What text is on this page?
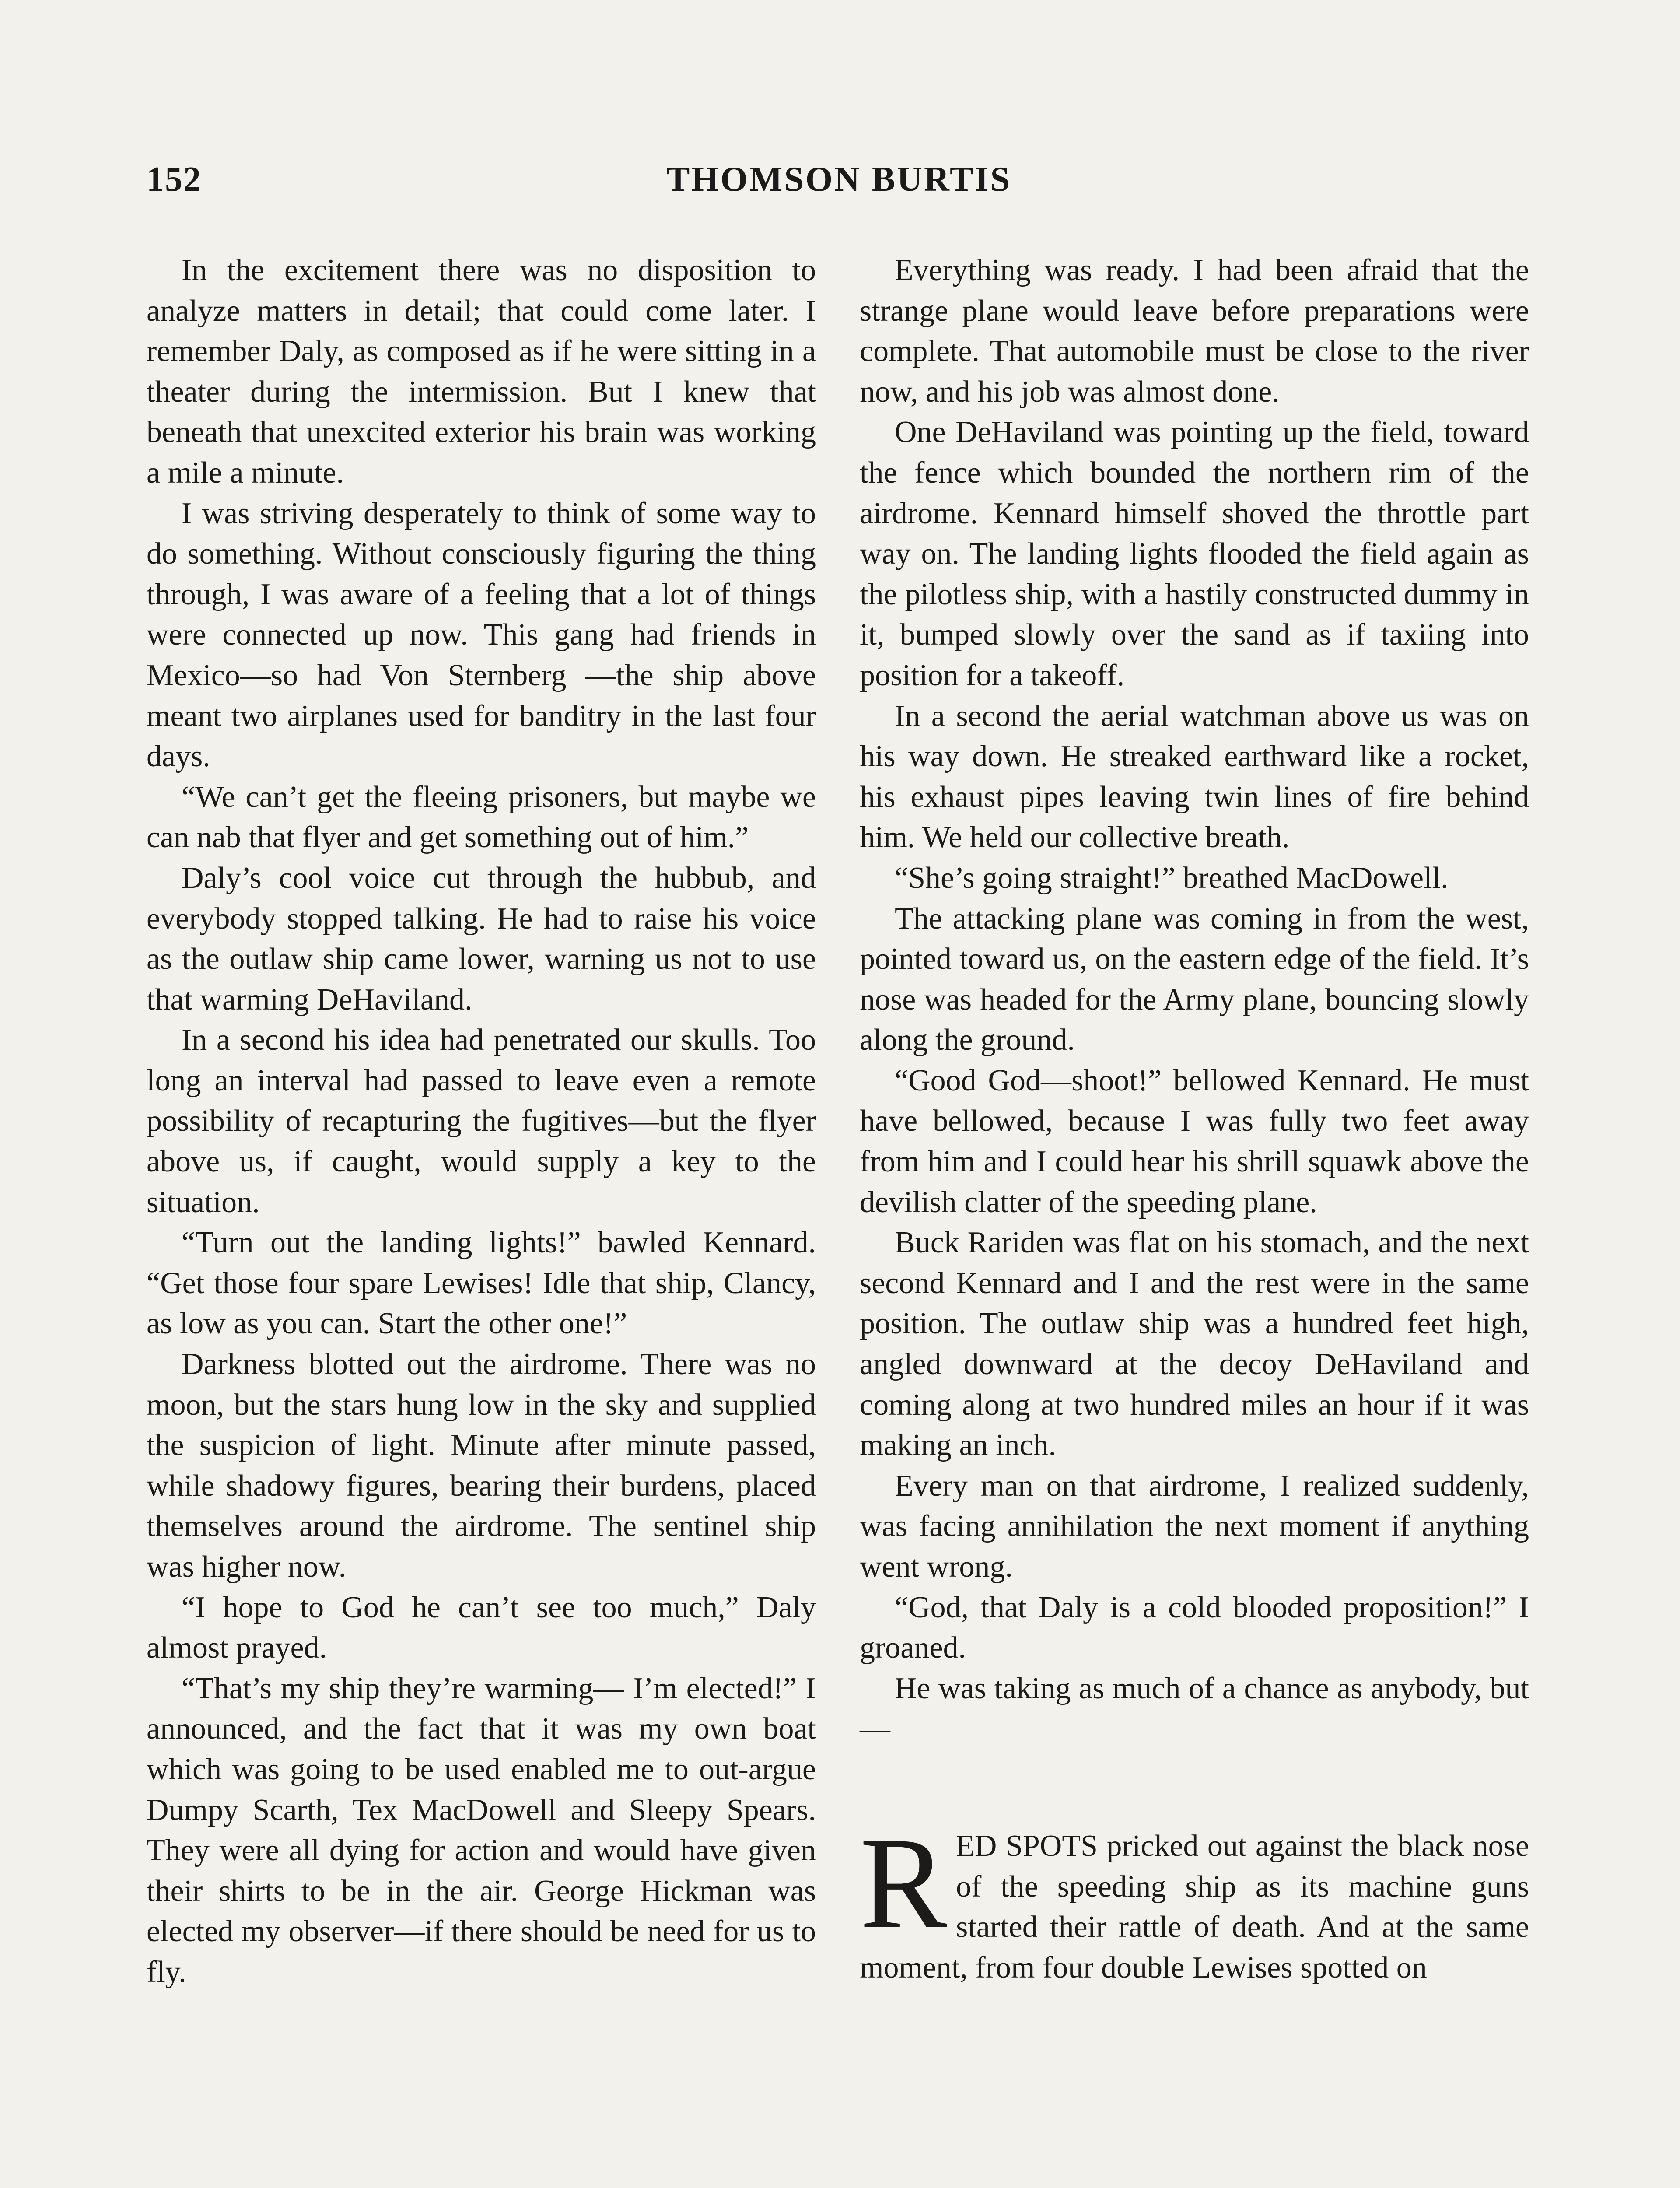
152	THOMSON BURTIS

In the excitement there was no disposition to analyze matters in detail; that could come later. I remember Daly, as composed as if he were sitting in a theater during the intermission. But I knew that beneath that unexcited exterior his brain was working a mile a minute.

I was striving desperately to think of some way to do something. Without consciously figuring the thing through, I was aware of a feeling that a lot of things were connected up now. This gang had friends in Mexico—so had Von Sternberg —the ship above meant two airplanes used for banditry in the last four days.

“We can’t get the fleeing prisoners, but maybe we can nab that flyer and get something out of him.”

Daly’s cool voice cut through the hubbub, and everybody stopped talking. He had to raise his voice as the outlaw ship came lower, warning us not to use that warming DeHaviland.

In a second his idea had penetrated our skulls. Too long an interval had passed to leave even a remote possibility of recapturing the fugitives—but the flyer above us, if caught, would supply a key to the situation.

“Turn out the landing lights!” bawled Kennard. “Get those four spare Lewises! Idle that ship, Clancy, as low as you can. Start the other one!”

Darkness blotted out the airdrome. There was no moon, but the stars hung low in the sky and supplied the suspicion of light. Minute after minute passed, while shadowy figures, bearing their burdens, placed themselves around the airdrome. The sentinel ship was higher now.

“I hope to God he can’t see too much,” Daly almost prayed.

“That’s my ship they’re warming— I’m elected!” I announced, and the fact that it was my own boat which was going to be used enabled me to out-argue Dumpy Scarth, Tex MacDowell and Sleepy Spears. They were all dying for action and would have given their shirts to be in the air. George Hickman was elected my observer—if there should be need for us to fly.

Everything was ready. I had been afraid that the strange plane would leave before preparations were complete. That automobile must be close to the river now, and his job was almost done.

One DeHaviland was pointing up the field, toward the fence which bounded the northern rim of the airdrome. Kennard himself shoved the throttle part way on. The landing lights flooded the field again as the pilotless ship, with a hastily constructed dummy in it, bumped slowly over the sand as if taxiing into position for a takeoff.

In a second the aerial watchman above us was on his way down. He streaked earthward like a rocket, his exhaust pipes leaving twin lines of fire behind him. We held our collective breath.

“She’s going straight!” breathed MacDowell.

The attacking plane was coming in from the west, pointed toward us, on the eastern edge of the field. It’s nose was headed for the Army plane, bouncing slowly along the ground.

“Good God—shoot!” bellowed Kennard. He must have bellowed, because I was fully two feet away from him and I could hear his shrill squawk above the devilish clatter of the speeding plane.

Buck Rariden was flat on his stomach, and the next second Kennard and I and the rest were in the same position. The outlaw ship was a hundred feet high, angled downward at the decoy DeHaviland and coming along at two hundred miles an hour if it was making an inch.

Every man on that airdrome, I realized suddenly, was facing annihilation the next moment if anything went wrong.

“God, that Daly is a cold blooded proposition!” I groaned.

He was taking as much of a chance as anybody, but—

RED SPOTS pricked out against the black nose of the speeding ship as its machine guns started their rattle of death. And at the same moment, from four double Lewises spotted on
